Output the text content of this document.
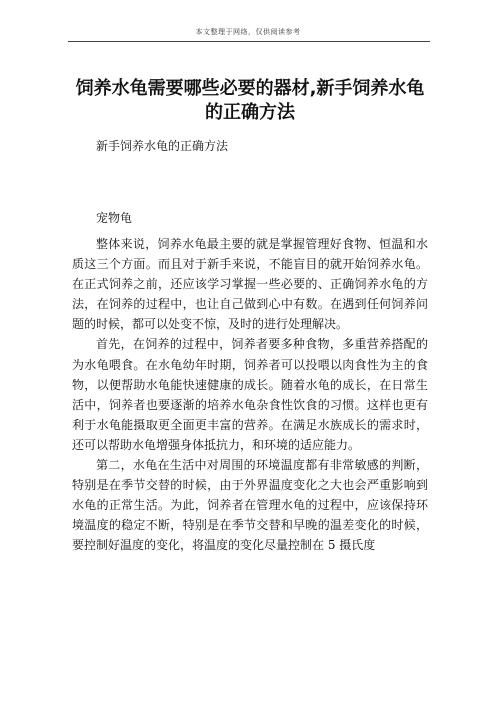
本文整理于网络，仅供阅读参考
饲养水龟需要哪些必要的器材,新手饲养水龟的正确方法

新手饲养水龟的正确方法

宠物龟

整体来说，饲养水龟最主要的就是掌握管理好食物、恒温和水质这三个方面。而且对于新手来说，不能盲目的就开始饲养水龟。在正式饲养之前，还应该学习掌握一些必要的、正确饲养水龟的方法，在饲养的过程中，也让自己做到心中有数。在遇到任何饲养问题的时候，都可以处变不惊，及时的进行处理解决。

首先，在饲养的过程中，饲养者要多种食物，多重营养搭配的为水龟喂食。在水龟幼年时期，饲养者可以投喂以肉食性为主的食物，以便帮助水龟能快速健康的成长。随着水龟的成长，在日常生活中，饲养者也要逐渐的培养水龟杂食性饮食的习惯。这样也更有利于水龟能摄取更全面更丰富的营养。在满足水族成长的需求时，还可以帮助水龟增强身体抵抗力，和环境的适应能力。

第二，水龟在生活中对周围的环境温度都有非常敏感的判断，特别是在季节交替的时候，由于外界温度变化之大也会严重影响到水龟的正常生活。为此，饲养者在管理水龟的过程中，应该保持环境温度的稳定不断，特别是在季节交替和早晚的温差变化的时候，要控制好温度的变化，将温度的变化尽量控制在 5 摄氏度
